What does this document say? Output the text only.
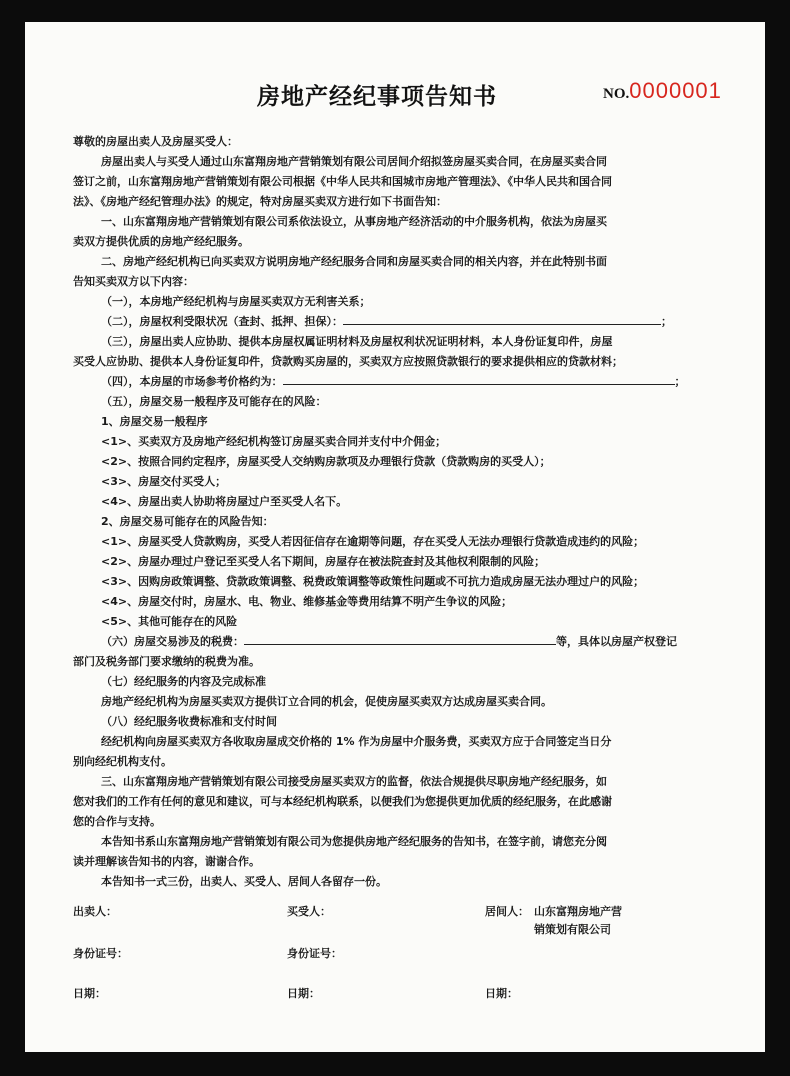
房地产经纪事项告知书	NO.0000001
尊敬的房屋出卖人及房屋买受人：
房屋出卖人与买受人通过山东富翔房地产营销策划有限公司居间介绍拟签房屋买卖合同，在房屋买卖合同
签订之前，山东富翔房地产营销策划有限公司根据《中华人民共和国城市房地产管理法》、《中华人民共和国合同
法》、《房地产经纪管理办法》的规定，特对房屋买卖双方进行如下书面告知：
一、山东富翔房地产营销策划有限公司系依法设立，从事房地产经济活动的中介服务机构，依法为房屋买
卖双方提供优质的房地产经纪服务。
二、房地产经纪机构已向买卖双方说明房地产经纪服务合同和房屋买卖合同的相关内容，并在此特别书面
告知买卖双方以下内容：
（一），本房地产经纪机构与房屋买卖双方无利害关系；
（二），房屋权利受限状况（查封、抵押、担保）：	；
（三），房屋出卖人应协助、提供本房屋权属证明材料及房屋权利状况证明材料，本人身份证复印件，房屋
买受人应协助、提供本人身份证复印件，贷款购买房屋的，买卖双方应按照贷款银行的要求提供相应的贷款材料；
（四），本房屋的市场参考价格约为：	；
（五），房屋交易一般程序及可能存在的风险：
1、房屋交易一般程序
<1>、买卖双方及房地产经纪机构签订房屋买卖合同并支付中介佣金；
<2>、按照合同约定程序，房屋买受人交纳购房款项及办理银行贷款（贷款购房的买受人）；
<3>、房屋交付买受人；
<4>、房屋出卖人协助将房屋过户至买受人名下。
2、房屋交易可能存在的风险告知：
<1>、房屋买受人贷款购房，买受人若因征信存在逾期等问题，存在买受人无法办理银行贷款造成违约的风险；
<2>、房屋办理过户登记至买受人名下期间，房屋存在被法院查封及其他权利限制的风险；
<3>、因购房政策调整、贷款政策调整、税费政策调整等政策性问题或不可抗力造成房屋无法办理过户的风险；
<4>、房屋交付时，房屋水、电、物业、维修基金等费用结算不明产生争议的风险；
<5>、其他可能存在的风险
（六）房屋交易涉及的税费：	等，具体以房屋产权登记
部门及税务部门要求缴纳的税费为准。
（七）经纪服务的内容及完成标准
房地产经纪机构为房屋买卖双方提供订立合同的机会，促使房屋买卖双方达成房屋买卖合同。
（八）经纪服务收费标准和支付时间
经纪机构向房屋买卖双方各收取房屋成交价格的 1% 作为房屋中介服务费，买卖双方应于合同签定当日分
别向经纪机构支付。
三、山东富翔房地产营销策划有限公司接受房屋买卖双方的监督，依法合规提供尽职房地产经纪服务，如
您对我们的工作有任何的意见和建议，可与本经纪机构联系，以便我们为您提供更加优质的经纪服务，在此感谢
您的合作与支持。
本告知书系山东富翔房地产营销策划有限公司为您提供房地产经纪服务的告知书，在签字前，请您充分阅
读并理解该告知书的内容，谢谢合作。
本告知书一式三份，出卖人、买受人、居间人各留存一份。
出卖人：	买受人：	居间人： 山东富翔房地产营
销策划有限公司
身份证号：	身份证号：
日期：	日期：	日期：
